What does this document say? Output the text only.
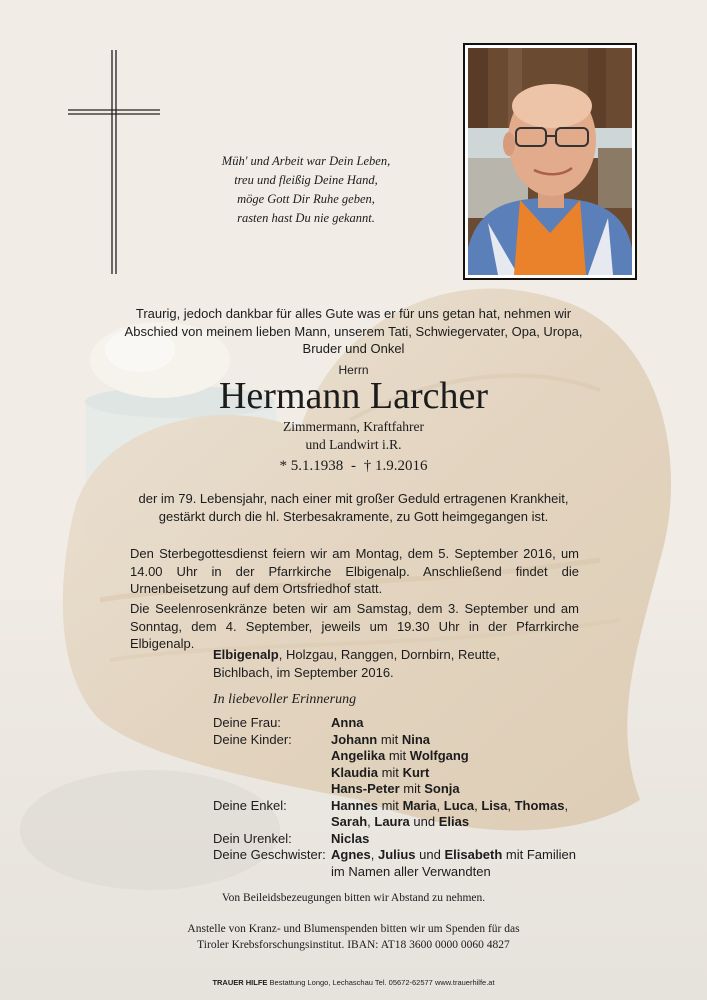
Müh' und Arbeit war Dein Leben,
treu und fleißig Deine Hand,
möge Gott Dir Ruhe geben,
rasten hast Du nie gekannt.
Traurig, jedoch dankbar für alles Gute was er für uns getan hat, nehmen wir Abschied von meinem lieben Mann, unserem Tati, Schwiegervater, Opa, Uropa, Bruder und Onkel
Herrn
Hermann Larcher
Zimmermann, Kraftfahrer
und Landwirt i.R.
* 5.1.1938 - † 1.9.2016
der im 79. Lebensjahr, nach einer mit großer Geduld ertragenen Krankheit, gestärkt durch die hl. Sterbesakramente, zu Gott heimgegangen ist.
Den Sterbegottesdienst feiern wir am Montag, dem 5. September 2016, um 14.00 Uhr in der Pfarrkirche Elbigenalp. Anschließend findet die Urnenbeisetzung auf dem Ortsfriedhof statt.
Die Seelenrosenkränze beten wir am Samstag, dem 3. September und am Sonntag, dem 4. September, jeweils um 19.30 Uhr in der Pfarrkirche Elbigenalp.
Elbigenalp, Holzgau, Ranggen, Dornbirn, Reutte,
Bichlbach, im September 2016.
In liebevoller Erinnerung
Deine Frau:	Anna
Deine Kinder:	Johann mit Nina
Angelika mit Wolfgang
Klaudia mit Kurt
Hans-Peter mit Sonja
Deine Enkel:	Hannes mit Maria, Luca, Lisa, Thomas,
Sarah, Laura und Elias
Dein Urenkel:	Niclas
Deine Geschwister: Agnes, Julius und Elisabeth mit Familien
im Namen aller Verwandten
Von Beileidsbezeugungen bitten wir Abstand zu nehmen.
Anstelle von Kranz- und Blumenspenden bitten wir um Spenden für das
Tiroler Krebsforschungsinstitut. IBAN: AT18 3600 0000 0060 4827
TRAUER HILFE Bestattung Longo, Lechaschau Tel. 05672-62577 www.trauerhilfe.at
